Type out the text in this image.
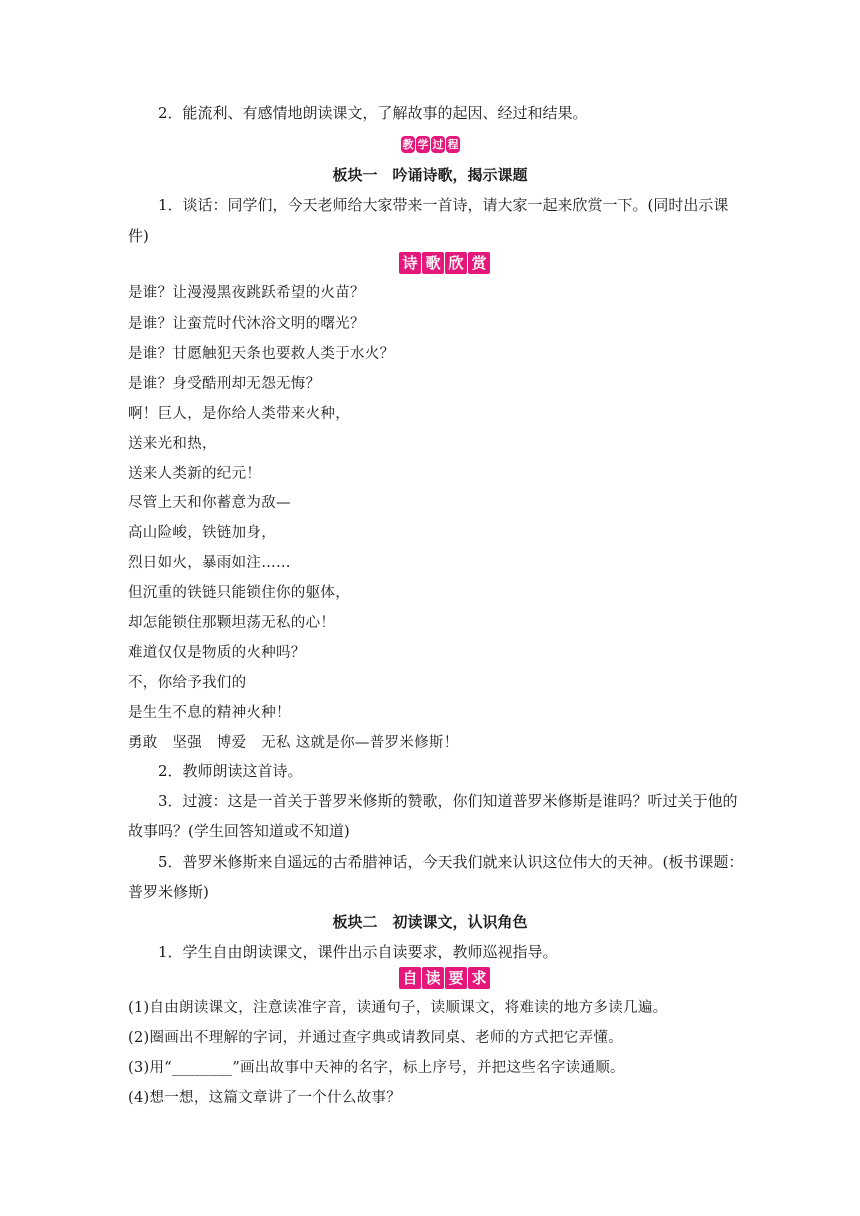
2．能流利、有感情地朗读课文，了解故事的起因、经过和结果。
教 学 过 程
板块一　吟诵诗歌，揭示课题
1．谈话：同学们，今天老师给大家带来一首诗，请大家一起来欣赏一下。(同时出示课
件)
诗 歌 欣 赏
是谁？让漫漫黑夜跳跃希望的火苗？
是谁？让蛮荒时代沐浴文明的曙光？
是谁？甘愿触犯天条也要救人类于水火？
是谁？身受酷刑却无怨无悔？
啊！巨人，是你给人类带来火种，
送来光和热，
送来人类新的纪元！
尽管上天和你蓄意为敌—
高山险峻，铁链加身，
烈日如火，暴雨如注……
但沉重的铁链只能锁住你的躯体，
却怎能锁住那颗坦荡无私的心！
难道仅仅是物质的火种吗？
不，你给予我们的
是生生不息的精神火种！
勇敢　坚强　博爱　无私 这就是你—普罗米修斯！
2．教师朗读这首诗。
3．过渡：这是一首关于普罗米修斯的赞歌，你们知道普罗米修斯是谁吗？听过关于他的
故事吗？(学生回答知道或不知道)
5．普罗米修斯来自遥远的古希腊神话，今天我们就来认识这位伟大的天神。(板书课题：
普罗米修斯)
板块二　初读课文，认识角色
1．学生自由朗读课文，课件出示自读要求，教师巡视指导。
自 读 要 求
(1)自由朗读课文，注意读准字音，读通句子，读顺课文，将难读的地方多读几遍。
(2)圈画出不理解的字词，并通过查字典或请教同桌、老师的方式把它弄懂。
(3)用“________”画出故事中天神的名字，标上序号，并把这些名字读通顺。
(4)想一想，这篇文章讲了一个什么故事？
